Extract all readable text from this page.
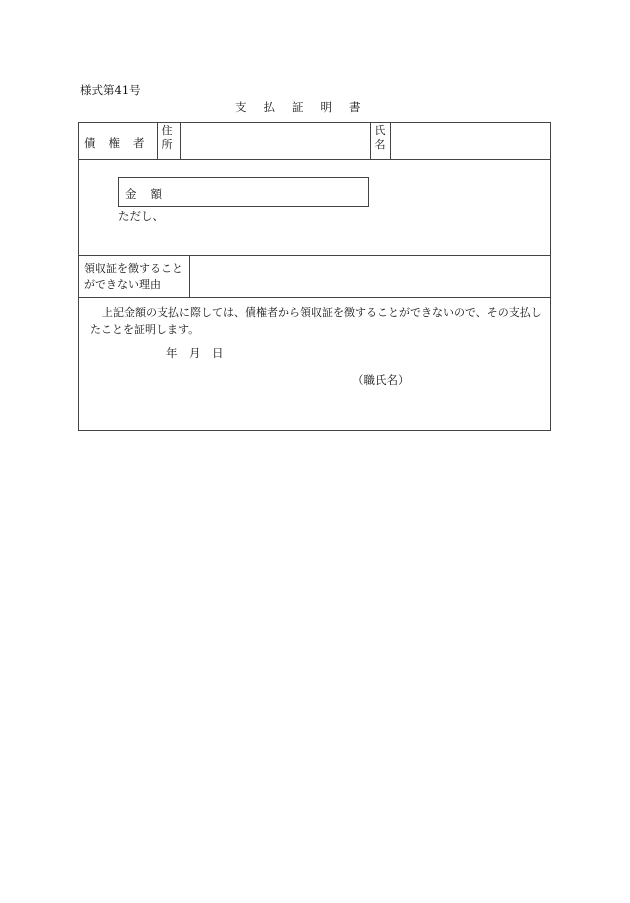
様式第41号
支払証明書
債権者
住
所
氏
名
金額
ただし、
領収証を徴することができない理由
上記金額の支払に際しては、債権者から領収証を徴することができないので、その支払したことを証明します。
年　月　日
（職氏名）
